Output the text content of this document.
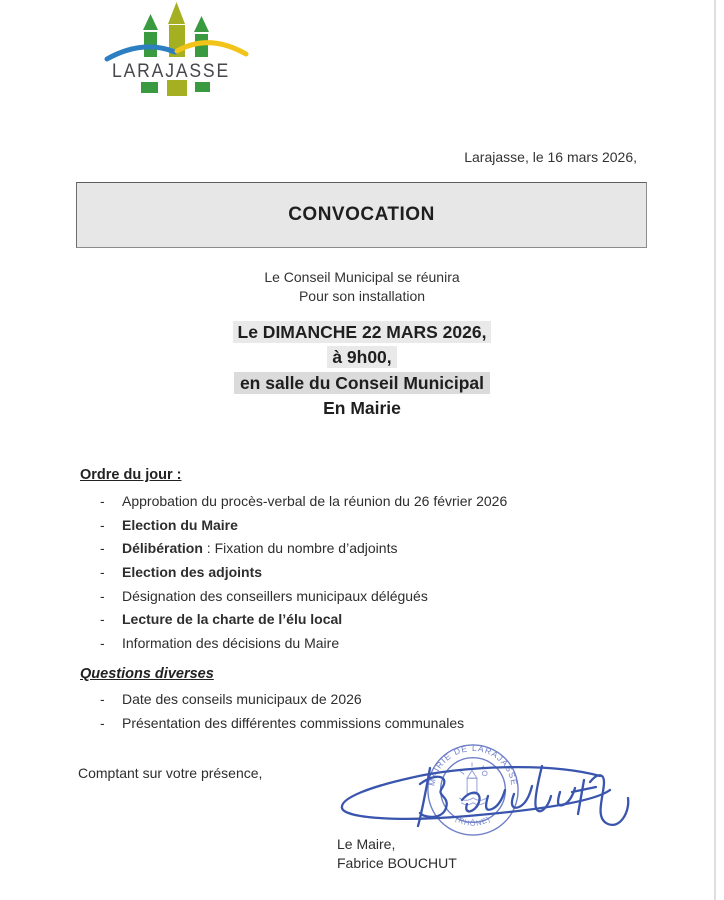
LARAJASSE
Larajasse, le 16 mars 2026,
CONVOCATION
Le Conseil Municipal se réunira
Pour son installation
Le DIMANCHE 22 MARS 2026,
à 9h00,
en salle du Conseil Municipal
En Mairie
Ordre du jour :
-	Approbation du procès-verbal de la réunion du 26 février 2026
-	Election du Maire
-	Délibération : Fixation du nombre d’adjoints
-	Election des adjoints
-	Désignation des conseillers municipaux délégués
-	Lecture de la charte de l’élu local
-	Information des décisions du Maire
Questions diverses
-	Date des conseils municipaux de 2026
-	Présentation des différentes commissions communales
Comptant sur votre présence,
MAIRIE DE LARAJASSE
(RHÔNE)
Le Maire,
Fabrice BOUCHUT
